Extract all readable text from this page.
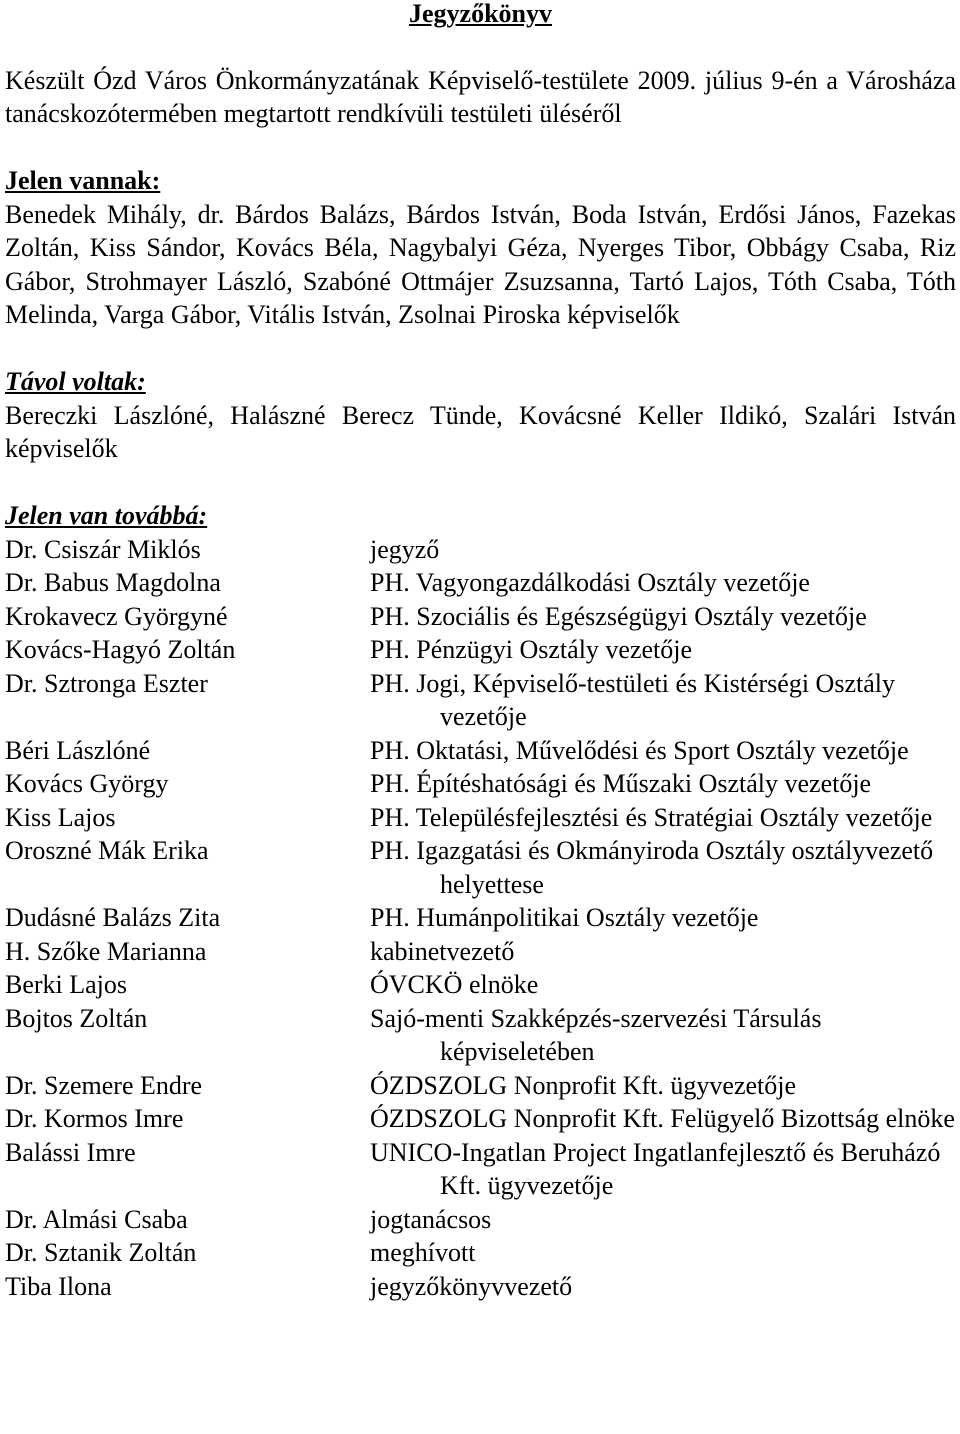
Jegyzőkönyv
Készült Ózd Város Önkormányzatának Képviselő-testülete 2009. július 9-én a Városháza tanácskozótermében megtartott rendkívüli testületi üléséről
Jelen vannak:
Benedek Mihály, dr. Bárdos Balázs, Bárdos István, Boda István, Erdősi János, Fazekas Zoltán, Kiss Sándor, Kovács Béla, Nagybalyi Géza, Nyerges Tibor, Obbágy Csaba, Riz Gábor, Strohmayer László, Szabóné Ottmájer Zsuzsanna, Tartó Lajos, Tóth Csaba, Tóth Melinda, Varga Gábor, Vitális István, Zsolnai Piroska képviselők
Távol voltak:
Bereczki Lászlóné, Halászné Berecz Tünde, Kovácsné Keller Ildikó, Szalári István képviselők
Jelen van továbbá:
Dr. Csiszár Miklós	jegyző
Dr. Babus Magdolna	PH. Vagyongazdálkodási Osztály vezetője
Krokavecz Györgyné	PH. Szociális és Egészségügyi Osztály vezetője
Kovács-Hagyó Zoltán	PH. Pénzügyi Osztály vezetője
Dr. Sztronga Eszter	PH. Jogi, Képviselő-testületi és Kistérségi Osztály vezetője
Béri Lászlóné	PH. Oktatási, Művelődési és Sport Osztály vezetője
Kovács György	PH. Építéshatósági és Műszaki Osztály vezetője
Kiss Lajos	PH. Településfejlesztési és Stratégiai Osztály vezetője
Oroszné Mák Erika	PH. Igazgatási és Okmányiroda Osztály osztályvezető helyettese
Dudásné Balázs Zita	PH. Humánpolitikai Osztály vezetője
H. Szőke Marianna	kabinetvezető
Berki Lajos	ÓVCKÖ elnöke
Bojtos Zoltán	Sajó-menti Szakképzés-szervezési Társulás képviseletében
Dr. Szemere Endre	ÓZDSZOLG Nonprofit Kft. ügyvezetője
Dr. Kormos Imre	ÓZDSZOLG Nonprofit Kft. Felügyelő Bizottság elnöke
Balássi Imre	UNICO-Ingatlan Project Ingatlanfejlesztő és Beruházó Kft. ügyvezetője
Dr. Almási Csaba	jogtanácsos
Dr. Sztanik Zoltán	meghívott
Tiba Ilona	jegyzőkönyvvezető
